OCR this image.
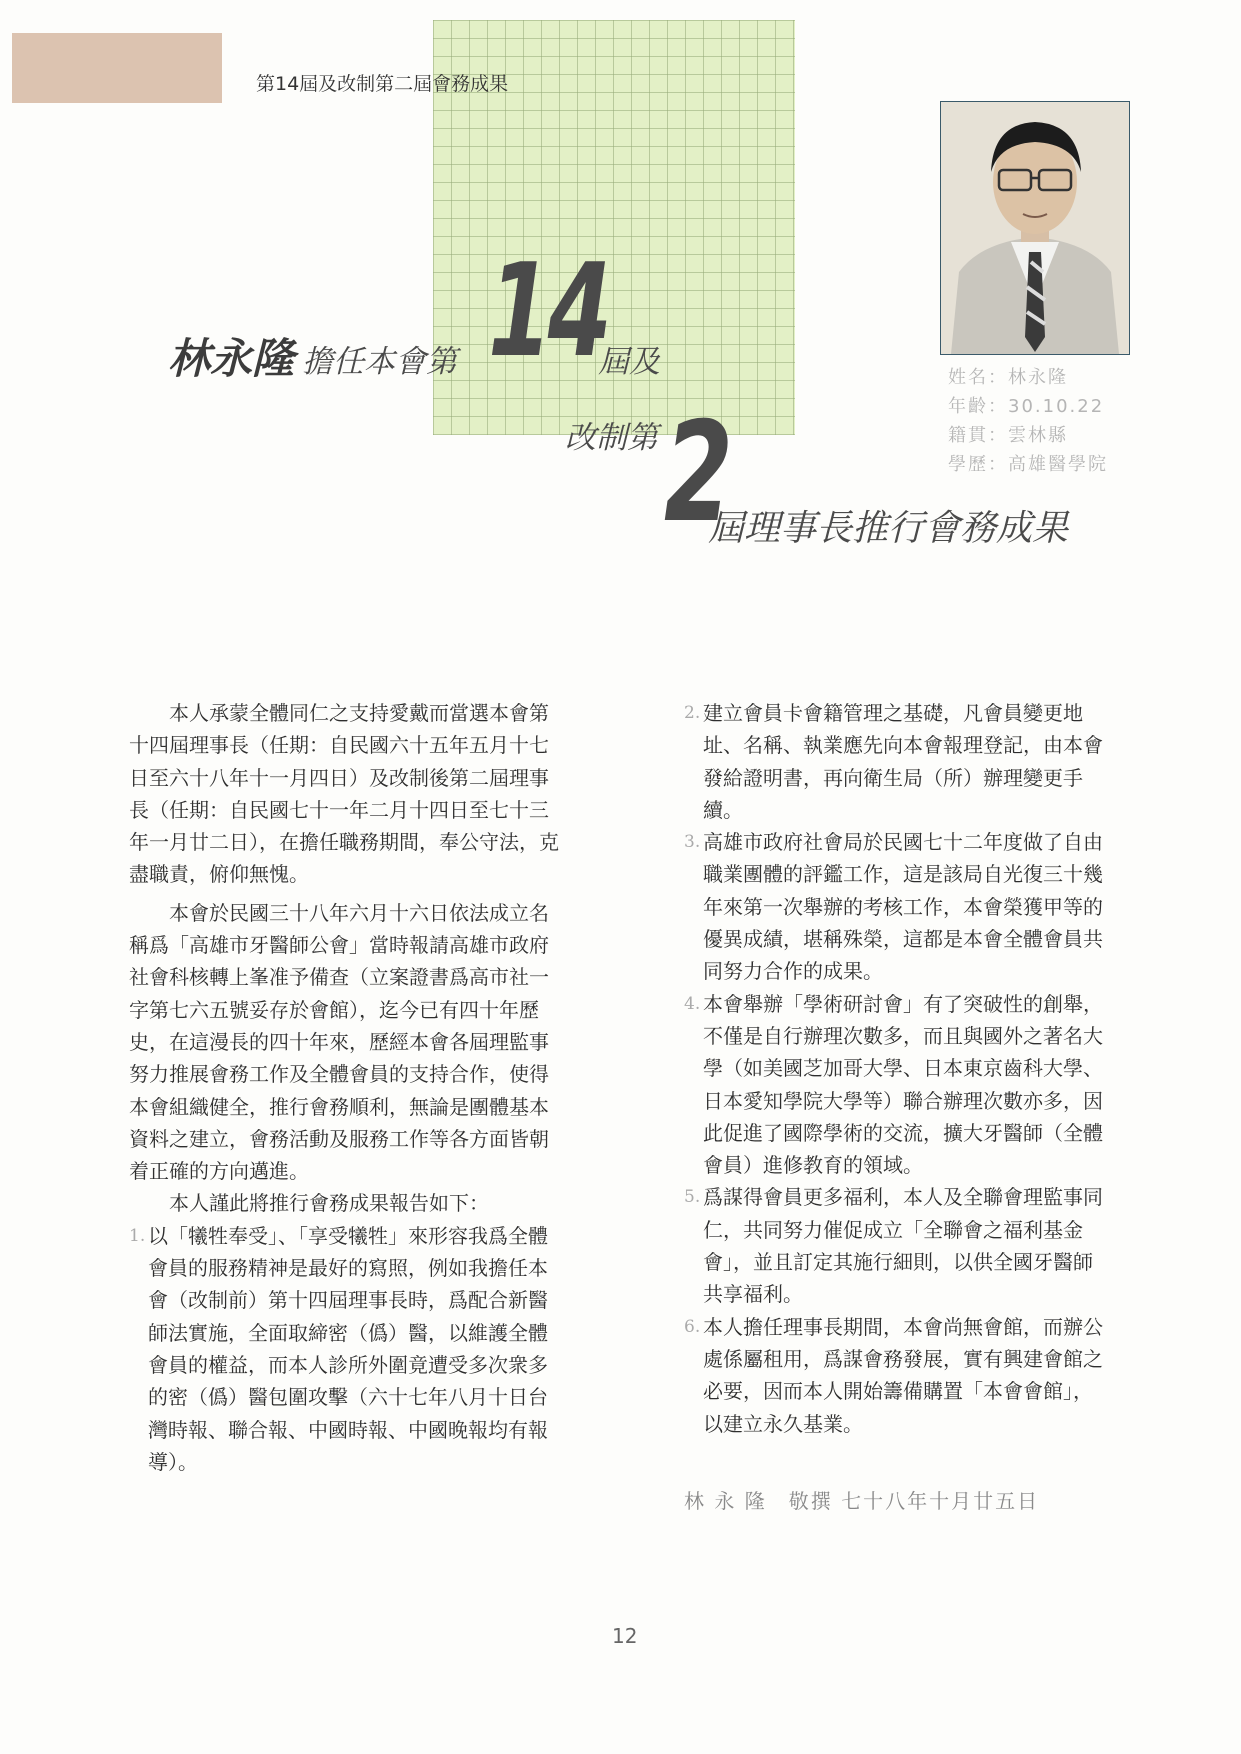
第14屆及改制第二屆會務成果
林永隆 擔任本會第 14
屆及
改制第 2
屆理事長推行會務成果
姓名：林永隆
年齡：30.10.22
籍貫：雲林縣
學歷：高雄醫學院

本人承蒙全體同仁之支持愛戴而當選本會第十四屆理事長（任期：自民國六十五年五月十七日至六十八年十一月四日）及改制後第二屆理事長（任期：自民國七十一年二月十四日至七十三年一月廿二日），在擔任職務期間，奉公守法，克盡職責，俯仰無愧。

本會於民國三十八年六月十六日依法成立名稱爲「高雄市牙醫師公會」當時報請高雄市政府社會科核轉上峯准予備查（立案證書爲高市社一字第七六五號妥存於會館），迄今已有四十年歷史，在這漫長的四十年來，歷經本會各屆理監事努力推展會務工作及全體會員的支持合作，使得本會組織健全，推行會務順利，無論是團體基本資料之建立，會務活動及服務工作等各方面皆朝着正確的方向邁進。

本人謹此將推行會務成果報告如下：

1. 以「犧牲奉受」、「享受犧牲」來形容我爲全體會員的服務精神是最好的寫照，例如我擔任本會（改制前）第十四屆理事長時，爲配合新醫師法實施，全面取締密（僞）醫，以維護全體會員的權益，而本人診所外圍竟遭受多次衆多的密（僞）醫包圍攻擊（六十七年八月十日台灣時報、聯合報、中國時報、中國晚報均有報導）。
2. 建立會員卡會籍管理之基礎，凡會員變更地址、名稱、執業應先向本會報理登記，由本會發給證明書，再向衛生局（所）辦理變更手續。
3. 高雄市政府社會局於民國七十二年度做了自由職業團體的評鑑工作，這是該局自光復三十幾年來第一次舉辦的考核工作，本會榮獲甲等的優異成績，堪稱殊榮，這都是本會全體會員共同努力合作的成果。
4. 本會舉辦「學術研討會」有了突破性的創舉，不僅是自行辦理次數多，而且與國外之著名大學（如美國芝加哥大學、日本東京齒科大學、日本愛知學院大學等）聯合辦理次數亦多，因此促進了國際學術的交流，擴大牙醫師（全體會員）進修教育的領域。
5. 爲謀得會員更多福利，本人及全聯會理監事同仁，共同努力催促成立「全聯會之福利基金會」，並且訂定其施行細則，以供全國牙醫師共享福利。
6. 本人擔任理事長期間，本會尚無會館，而辦公處係屬租用，爲謀會務發展，實有興建會館之必要，因而本人開始籌備購置「本會會館」，以建立永久基業。
林 永 隆　敬撰 七十八年十月廿五日
12
